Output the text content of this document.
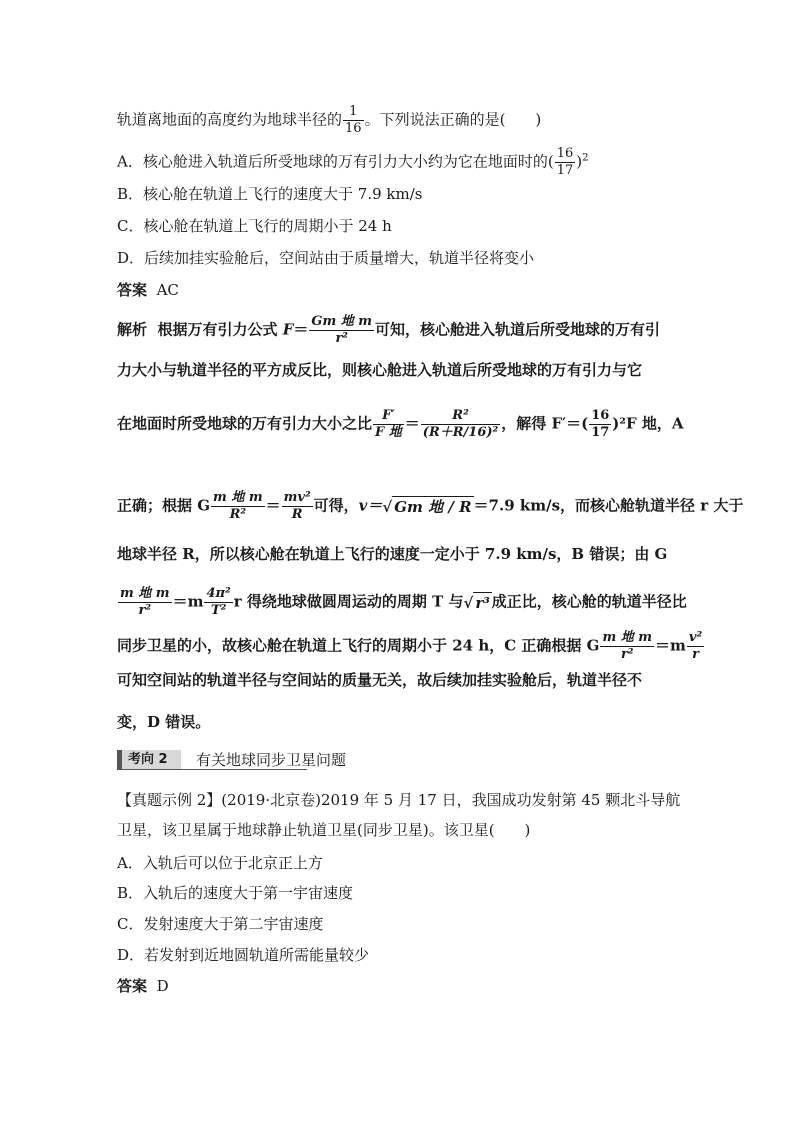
轨道离地面的高度约为地球半径的 $\frac{1}{16}$ 。下列说法正确的是(　　)
A．核心舱进入轨道后所受地球的万有引力大小约为它在地面时的( $\frac{16}{17} )^2$
B．核心舱在轨道上飞行的速度大于 7.9 km/s
C．核心舱在轨道上飞行的周期小于 24 h
D．后续加挂实验舱后，空间站由于质量增大，轨道半径将变小
答案 AC
解析 根据万有引力公式 $F= \frac{\text{Gm 地 m}}{\text{r²}}$ 可知，核心舱进入轨道后所受地球的万有引
力大小与轨道半径的平方成反比，则核心舱进入轨道后所受地球的万有引力与它
在地面时所受地球的万有引力大小之比 $\frac{F'}{\text{F 地}} = \frac{\text{R²}}{\text{(R＋R/16)²}}$ ，解得 $F'=( \frac{16}{17} )^2F$ 地，A
正确；根据 G $\frac{\text{m 地 m}}{\text{R²}} = \frac{\text{mv²}}{R}$ 可得，v＝√ Gm 地 / R ＝7.9 km/s，而核心舱轨道半径 r 大于
地球半径 R，所以核心舱在轨道上飞行的速度一定小于 7.9 km/s，B 错误；由 G
$\frac{\text{m 地 m}}{\text{r²}} =m \frac{\text{4π²}}{\text{T²}}$ r 得绕地球做圆周运动的周期 T 与√ r³ 成正比，核心舱的轨道半径比
同步卫星的小，故核心舱在轨道上飞行的周期小于 24 h，C 正确根据 G $\frac{\text{m 地 m}}{\text{r²}} =m \frac{\text{v²}}{r}$
可知空间站的轨道半径与空间站的质量无关，故后续加挂实验舱后，轨道半径不
变，D 错误。
考向 2	有关地球同步卫星问题
【真题示例 2】(2019·北京卷)2019 年 5 月 17 日，我国成功发射第 45 颗北斗导航
卫星，该卫星属于地球静止轨道卫星(同步卫星)。该卫星(　　)
A．入轨后可以位于北京正上方
B．入轨后的速度大于第一宇宙速度
C．发射速度大于第二宇宙速度
D．若发射到近地圆轨道所需能量较少
答案 D
